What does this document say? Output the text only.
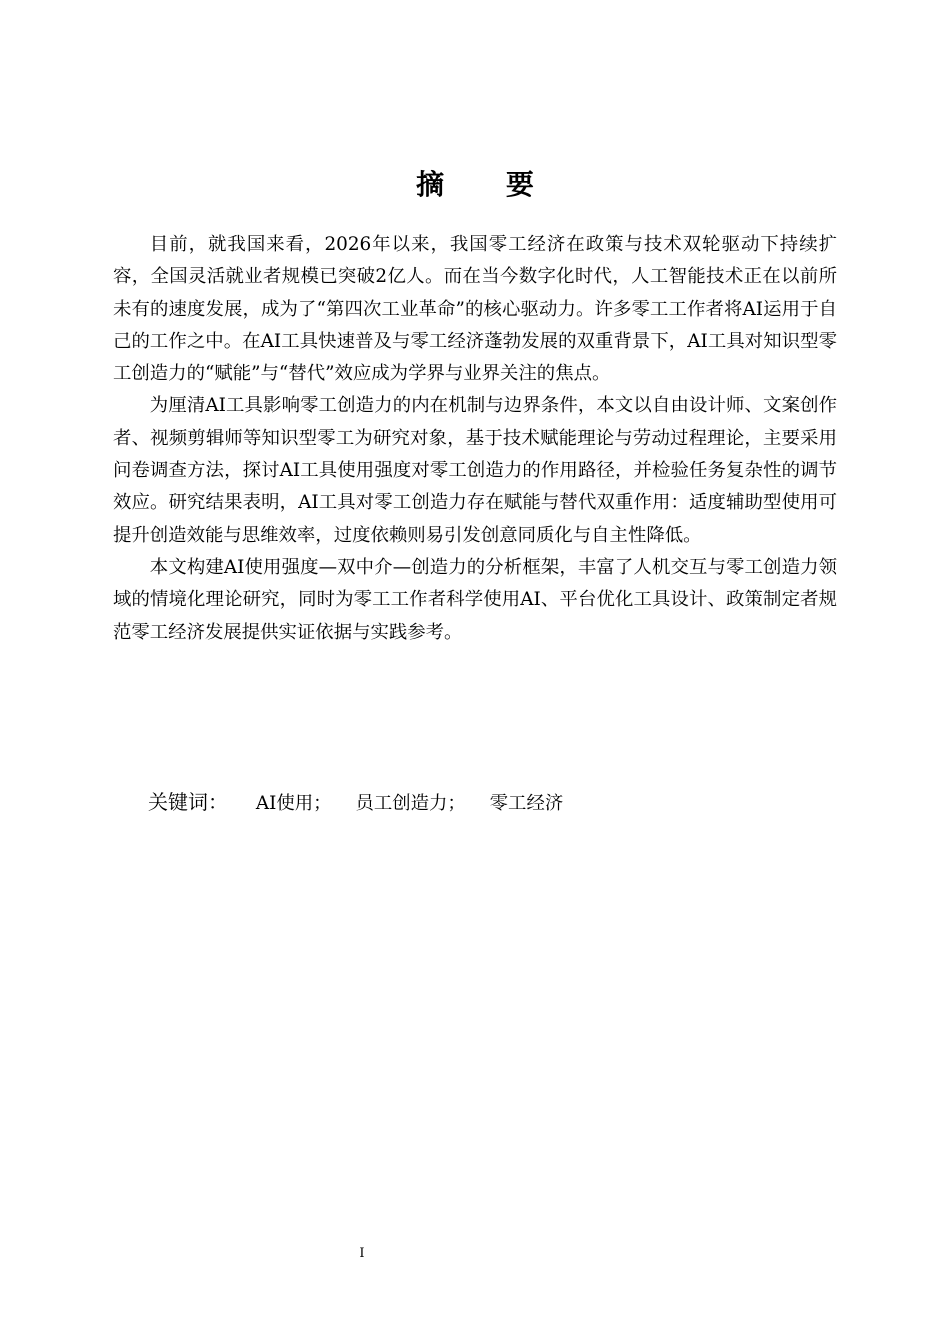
摘 要

目前，就我国来看，2026年以来，我国零工经济在政策与技术双轮驱动下持续扩容，全国灵活就业者规模已突破2亿人。而在当今数字化时代，人工智能技术正在以前所未有的速度发展，成为了“第四次工业革命”的核心驱动力。许多零工工作者将AI运用于自己的工作之中。在AI工具快速普及与零工经济蓬勃发展的双重背景下，AI工具对知识型零工创造力的“赋能”与“替代”效应成为学界与业界关注的焦点。

为厘清AI工具影响零工创造力的内在机制与边界条件，本文以自由设计师、文案创作者、视频剪辑师等知识型零工为研究对象，基于技术赋能理论与劳动过程理论，主要采用问卷调查方法，探讨AI工具使用强度对零工创造力的作用路径，并检验任务复杂性的调节效应。研究结果表明，AI工具对零工创造力存在赋能与替代双重作用：适度辅助型使用可提升创造效能与思维效率，过度依赖则易引发创意同质化与自主性降低。

本文构建AI使用强度—双中介—创造力的分析框架，丰富了人机交互与零工创造力领域的情境化理论研究，同时为零工工作者科学使用AI、平台优化工具设计、政策制定者规范零工经济发展提供实证依据与实践参考。

关键词： AI使用； 员工创造力； 零工经济
I
